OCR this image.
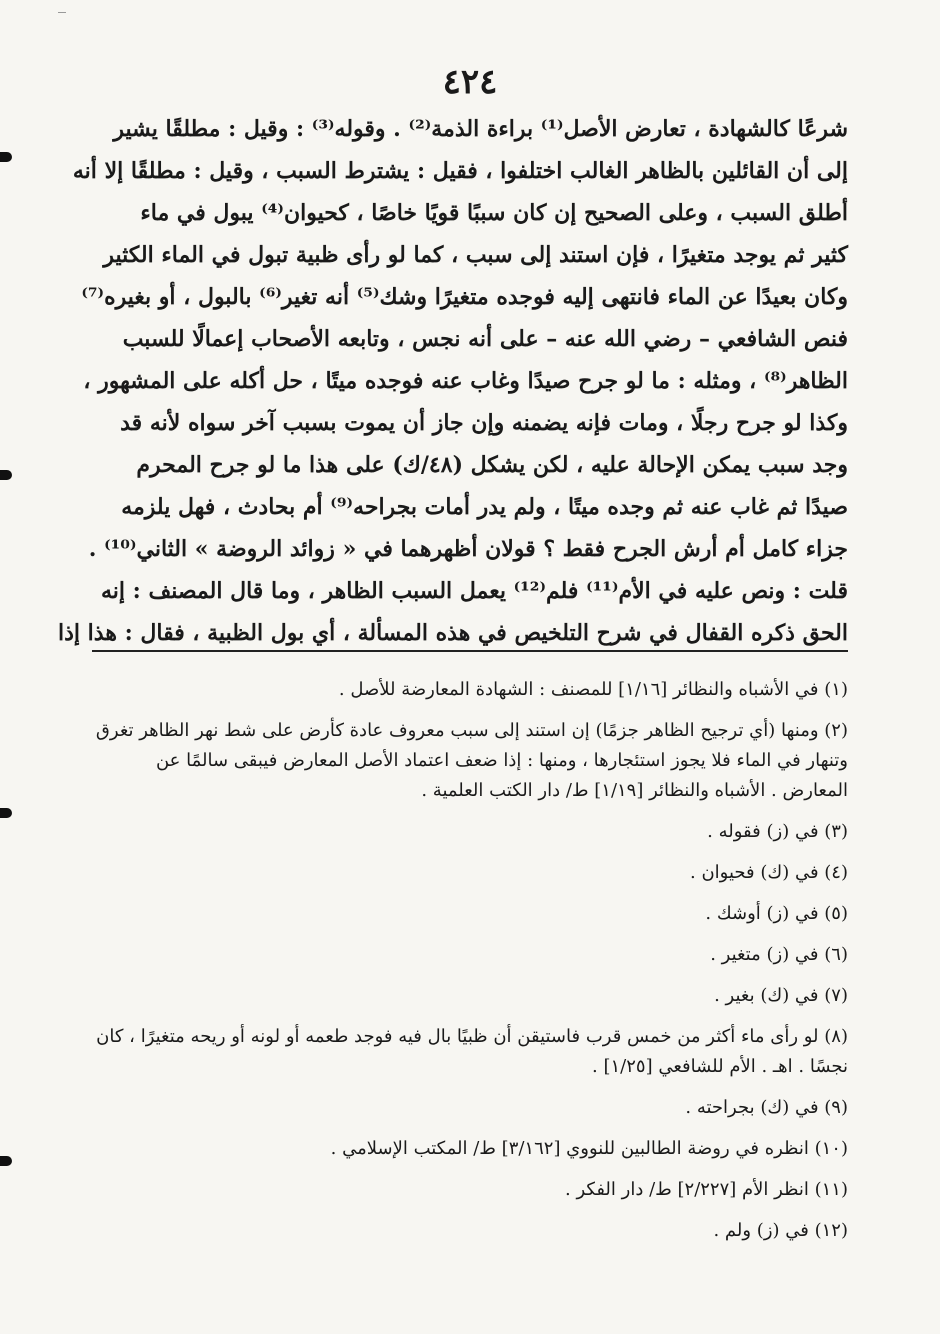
٤٢٤
شرعًا كالشهادة ، تعارض الأصل⁽¹⁾ براءة الذمة⁽²⁾ . وقوله⁽³⁾ : وقيل : مطلقًا يشير
إلى أن القائلين بالظاهر الغالب اختلفوا ، فقيل : يشترط السبب ، وقيل : مطلقًا إلا أنه
أطلق السبب ، وعلى الصحيح إن كان سببًا قويًا خاصًا ، كحيوان⁽⁴⁾ يبول في ماء
كثير ثم يوجد متغيرًا ، فإن استند إلى سبب ، كما لو رأى ظبية تبول في الماء الكثير
وكان بعيدًا عن الماء فانتهى إليه فوجده متغيرًا وشك⁽⁵⁾ أنه تغير⁽⁶⁾ بالبول ، أو بغيره⁽⁷⁾
فنص الشافعي – رضي الله عنه – على أنه نجس ، وتابعه الأصحاب إعمالًا للسبب
الظاهر⁽⁸⁾ ، ومثله : ما لو جرح صيدًا وغاب عنه فوجده ميتًا ، حل أكله على المشهور ،
وكذا لو جرح رجلًا ، ومات فإنه يضمنه وإن جاز أن يموت بسبب آخر سواه لأنه قد
وجد سبب يمكن الإحالة عليه ، لكن يشكل (٤٨/ك) على هذا ما لو جرح المحرم
صيدًا ثم غاب عنه ثم وجده ميتًا ، ولم يدر أمات بجراحه⁽⁹⁾ أم بحادث ، فهل يلزمه
جزاء كامل أم أرش الجرح فقط ؟ قولان أظهرهما في « زوائد الروضة » الثاني⁽¹⁰⁾ .
قلت : ونص عليه في الأم⁽¹¹⁾ فلم⁽¹²⁾ يعمل السبب الظاهر ، وما قال المصنف : إنه
الحق ذكره القفال في شرح التلخيص في هذه المسألة ، أي بول الظبية ، فقال : هذا إذا
(١) في الأشباه والنظائر [١/١٦] للمصنف : الشهادة المعارضة للأصل .
(٢) ومنها (أي ترجيح الظاهر جزمًا) إن استند إلى سبب معروف عادة كأرض على شط نهر الظاهر تغرق وتنهار في الماء فلا يجوز استئجارها ، ومنها : إذا ضعف اعتماد الأصل المعارض فيبقى سالمًا عن المعارض . الأشباه والنظائر [١/١٩] ط/ دار الكتب العلمية .
(٣) في (ز) فقوله .
(٤) في (ك) فحيوان .
(٥) في (ز) أوشك .
(٦) في (ز) متغير .
(٧) في (ك) بغير .
(٨) لو رأى ماء أكثر من خمس قرب فاستيقن أن ظبيًا بال فيه فوجد طعمه أو لونه أو ريحه متغيرًا ، كان نجسًا . اهـ . الأم للشافعي [١/٢٥] .
(٩) في (ك) بجراحته .
(١٠) انظره في روضة الطالبين للنووي [٣/١٦٢] ط/ المكتب الإسلامي .
(١١) انظر الأم [٢/٢٢٧] ط/ دار الفكر .
(١٢) في (ز) ولم .
